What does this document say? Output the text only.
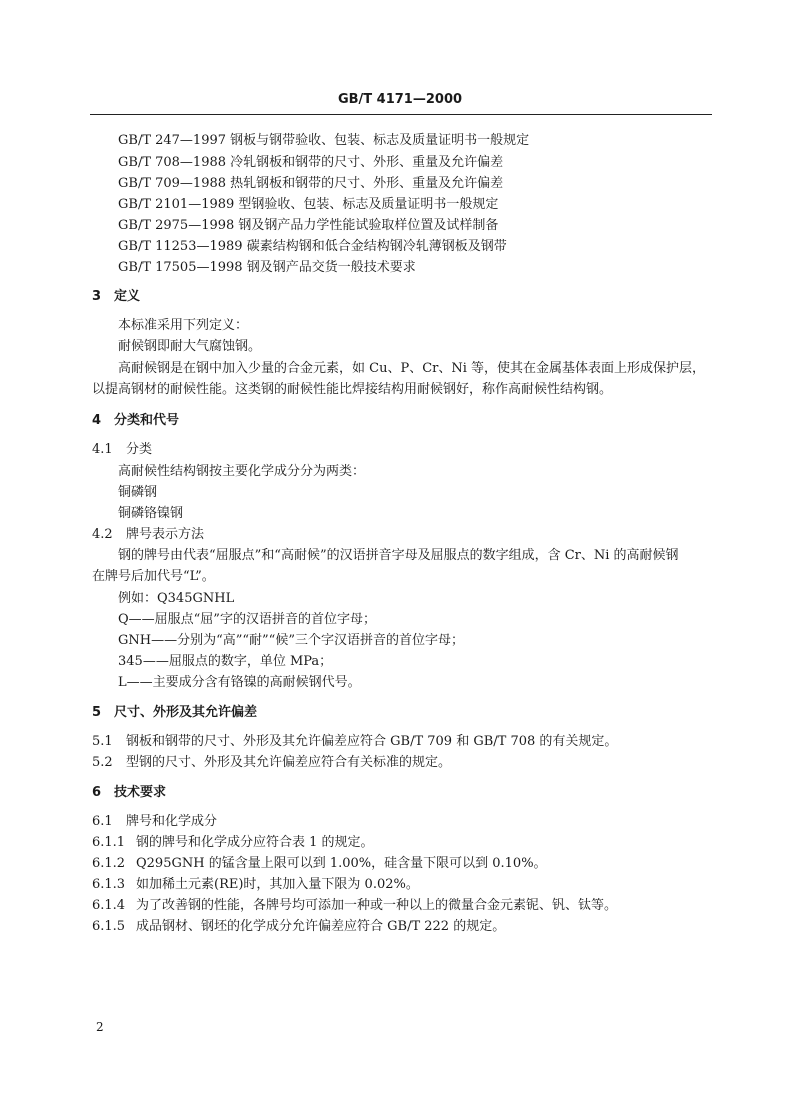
GB/T 4171—2000
GB/T 247—1997 钢板与钢带验收、包装、标志及质量证明书一般规定
GB/T 708—1988 冷轧钢板和钢带的尺寸、外形、重量及允许偏差
GB/T 709—1988 热轧钢板和钢带的尺寸、外形、重量及允许偏差
GB/T 2101—1989 型钢验收、包装、标志及质量证明书一般规定
GB/T 2975—1998 钢及钢产品力学性能试验取样位置及试样制备
GB/T 11253—1989 碳素结构钢和低合金结构钢冷轧薄钢板及钢带
GB/T 17505—1998 钢及钢产品交货一般技术要求
3 定义
本标准采用下列定义：
耐候钢即耐大气腐蚀钢。
高耐候钢是在钢中加入少量的合金元素，如 Cu、P、Cr、Ni 等，使其在金属基体表面上形成保护层，
以提高钢材的耐候性能。这类钢的耐候性能比焊接结构用耐候钢好，称作高耐候性结构钢。
4 分类和代号
4.1 分类
高耐候性结构钢按主要化学成分分为两类：
铜磷钢
铜磷铬镍钢
4.2 牌号表示方法
钢的牌号由代表“屈服点”和“高耐候”的汉语拼音字母及屈服点的数字组成，含 Cr、Ni 的高耐候钢
在牌号后加代号“L”。
例如：Q345GNHL
Q——屈服点“屈”字的汉语拼音的首位字母；
GNH——分别为“高”“耐”“候”三个字汉语拼音的首位字母；
345——屈服点的数字，单位 MPa；
L——主要成分含有铬镍的高耐候钢代号。
5 尺寸、外形及其允许偏差
5.1 钢板和钢带的尺寸、外形及其允许偏差应符合 GB/T 709 和 GB/T 708 的有关规定。
5.2 型钢的尺寸、外形及其允许偏差应符合有关标准的规定。
6 技术要求
6.1 牌号和化学成分
6.1.1 钢的牌号和化学成分应符合表 1 的规定。
6.1.2 Q295GNH 的锰含量上限可以到 1.00%，硅含量下限可以到 0.10%。
6.1.3 如加稀土元素(RE)时，其加入量下限为 0.02%。
6.1.4 为了改善钢的性能，各牌号均可添加一种或一种以上的微量合金元素铌、钒、钛等。
6.1.5 成品钢材、钢坯的化学成分允许偏差应符合 GB/T 222 的规定。
2
